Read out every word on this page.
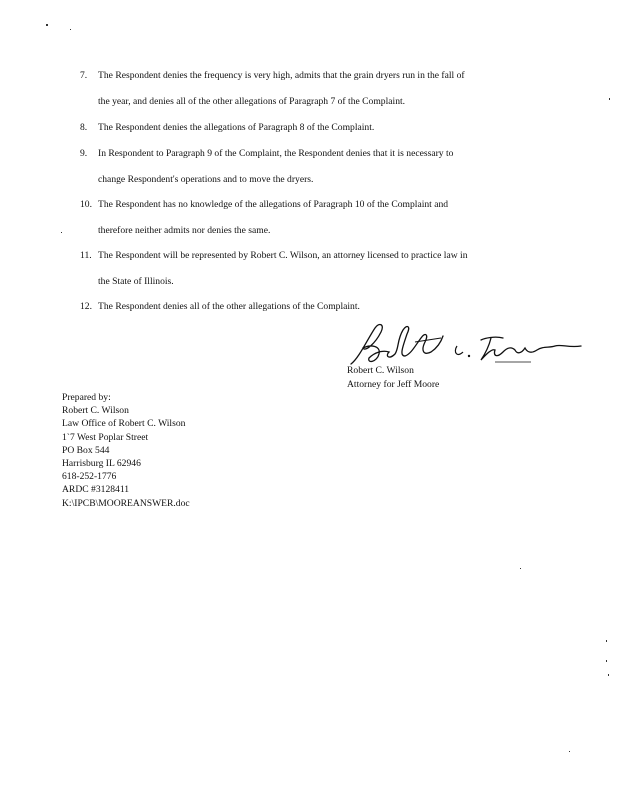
7.	The Respondent denies the frequency is very high, admits that the grain dryers run in the fall of
the year, and denies all of the other allegations of Paragraph 7 of the Complaint.
8.	The Respondent denies the allegations of Paragraph 8 of the Complaint.
9.	In Respondent to Paragraph 9 of the Complaint, the Respondent denies that it is necessary to
change Respondent's operations and to move the dryers.
10. The Respondent has no knowledge of the allegations of Paragraph 10 of the Complaint and
therefore neither admits nor denies the same.
11. The Respondent will be represented by Robert C. Wilson, an attorney licensed to practice law in
the State of Illinois.
12. The Respondent denies all of the other allegations of the Complaint.
Robert C. Wilson
Attorney for Jeff Moore
Prepared by:
Robert C. Wilson
Law Office of Robert C. Wilson
1`7 West Poplar Street
PO Box 544
Harrisburg IL 62946
618-252-1776
ARDC #3128411
K:\IPCB\MOOREANSWER.doc
